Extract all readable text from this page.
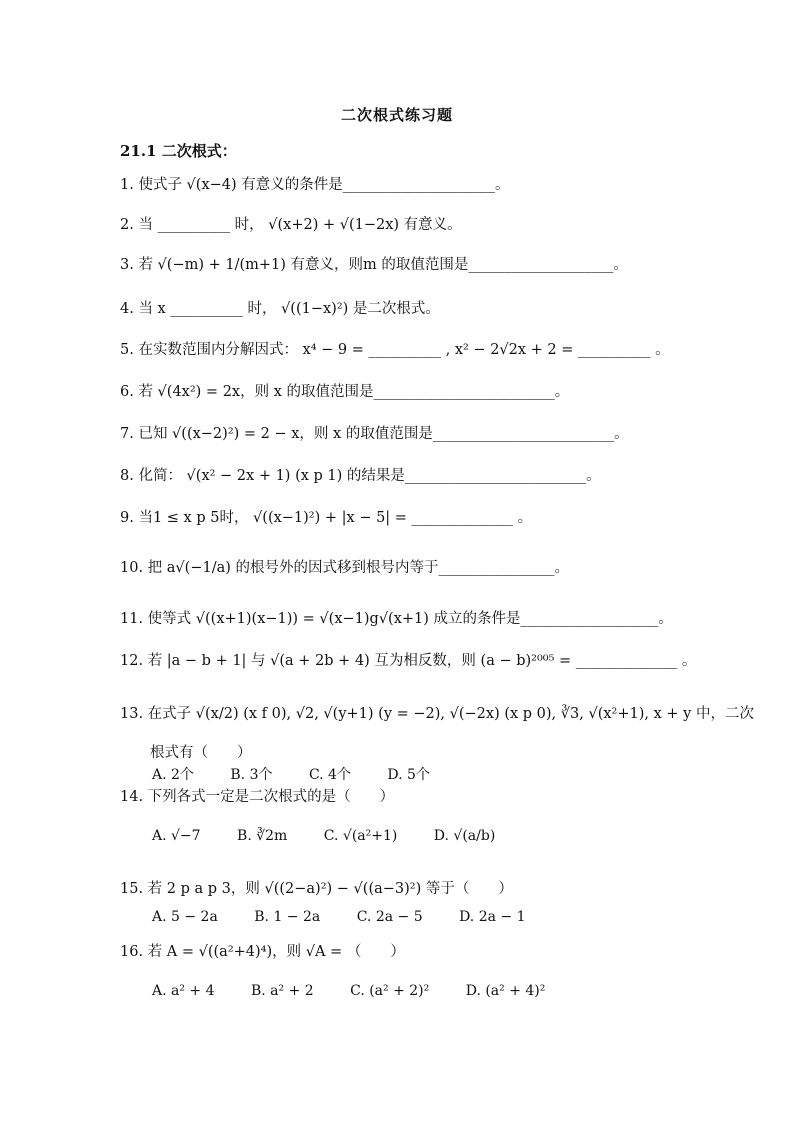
二次根式练习题
21.1 二次根式：
1. 使式子 √(x−4) 有意义的条件是_____________________。
2. 当 __________ 时， √(x+2) + √(1−2x) 有意义。
3. 若 √(−m) + 1/(m+1) 有意义，则m 的取值范围是____________________。
4. 当 x __________ 时， √((1−x)²) 是二次根式。
5. 在实数范围内分解因式： x⁴ − 9 = __________ , x² − 2√2x + 2 = __________ 。
6. 若 √(4x²) = 2x，则 x 的取值范围是_________________________。
7. 已知 √((x−2)²) = 2 − x，则 x 的取值范围是_________________________。
8. 化简： √(x² − 2x + 1) (x p 1) 的结果是_________________________。
9. 当1 ≤ x p 5时， √((x−1)²) + |x − 5| = ______________ 。
10. 把 a√(−1/a) 的根号外的因式移到根号内等于________________。
11. 使等式 √((x+1)(x−1)) = √(x−1)g√(x+1) 成立的条件是___________________。
12. 若 |a − b + 1| 与 √(a + 2b + 4) 互为相反数，则 (a − b)²⁰⁰⁵ = ______________ 。
13. 在式子 √(x/2) (x f 0), √2, √(y+1) (y = −2), √(−2x) (x p 0), ∛3, √(x²+1), x + y 中，二次
根式有（　　）
A. 2个	B. 3个	C. 4个	D. 5个
14. 下列各式一定是二次根式的是（　　）
A. √−7	B. ∛2m	C. √(a²+1)	D. √(a/b)
15. 若 2 p a p 3，则 √((2−a)²) − √((a−3)²) 等于（　　）
A. 5 − 2a	B. 1 − 2a	C. 2a − 5	D. 2a − 1
16. 若 A = √((a²+4)⁴)，则 √A = （　　）
A. a² + 4	B. a² + 2	C. (a² + 2)²	D. (a² + 4)²
